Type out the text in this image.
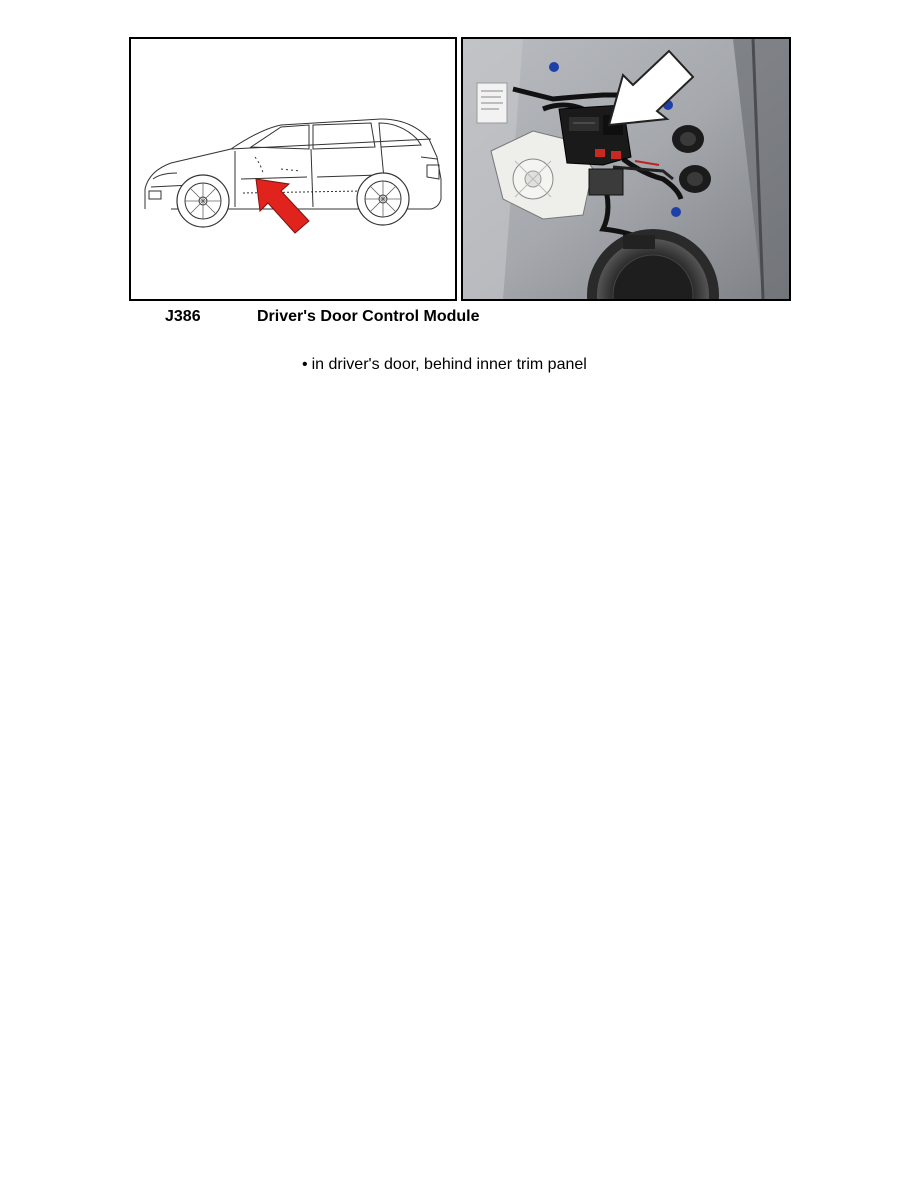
J386	Driver's Door Control Module
• in driver's door, behind inner trim panel
